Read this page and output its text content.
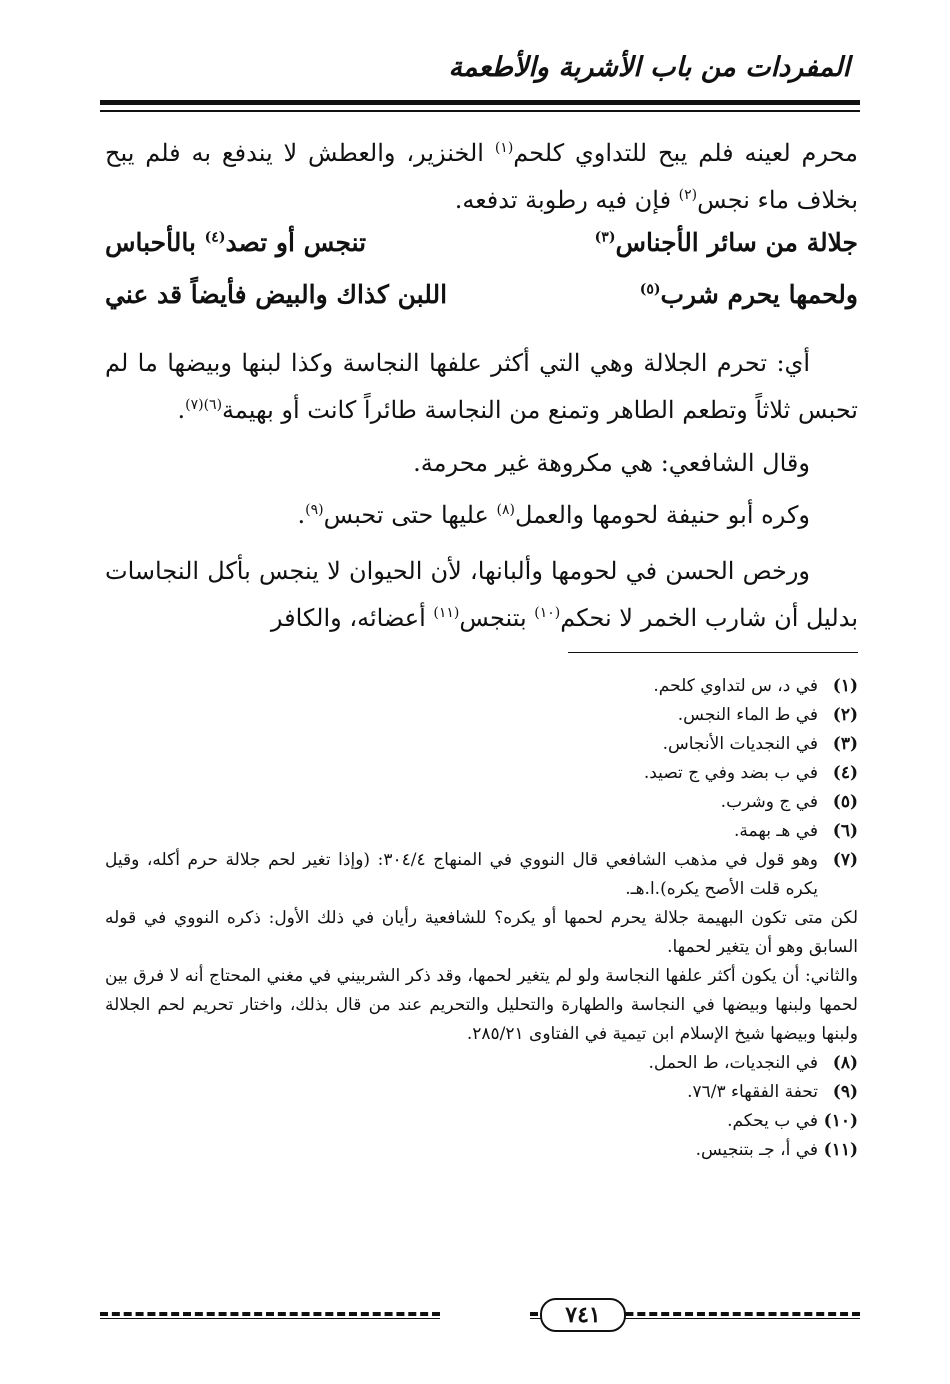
المفردات من باب الأشربة والأطعمة

محرم لعينه فلم يبح للتداوي كلحم$^{(١)}$ الخنزير، والعطش لا يندفع به فلم يبح بخلاف ماء نجس$^{(٢)}$ فإن فيه رطوبة تدفعه.

جلالة من سائر الأجناس$^{(٣)}$
تنجس أو تصد$^{(٤)}$ بالأحباس
ولحمها يحرم شرب$^{(٥)}$
اللبن كذاك والبيض فأيضاً قد عني

أي: تحرم الجلالة وهي التي أكثر علفها النجاسة وكذا لبنها وبيضها ما لم تحبس ثلاثاً وتطعم الطاهر وتمنع من النجاسة طائراً كانت أو بهيمة$^{(٦)(٧)}$.

وقال الشافعي: هي مكروهة غير محرمة.

وكره أبو حنيفة لحومها والعمل$^{(٨)}$ عليها حتى تحبس$^{(٩)}$.

ورخص الحسن في لحومها وألبانها، لأن الحيوان لا ينجس بأكل النجاسات بدليل أن شارب الخمر لا نحكم$^{(١٠)}$ بتنجس$^{(١١)}$ أعضائه، والكافر

(١)
في د، س لتداوي كلحم.
(٢)
في ط الماء النجس.
(٣)
في النجديات الأنجاس.
(٤)
في ب بضد وفي ج تصيد.
(٥)
في ج وشرب.
(٦)
في هـ بهمة.
(٧)
وهو قول في مذهب الشافعي قال النووي في المنهاج ٣٠٤/٤: (وإذا تغير لحم جلالة حرم أكله، وقيل يكره قلت الأصح يكره).ا.هـ.
لكن متى تكون البهيمة جلالة يحرم لحمها أو يكره؟ للشافعية رأيان في ذلك الأول: ذكره النووي في قوله السابق وهو أن يتغير لحمها.
والثاني: أن يكون أكثر علفها النجاسة ولو لم يتغير لحمها، وقد ذكر الشربيني في مغني المحتاج أنه لا فرق بين لحمها ولبنها وبيضها في النجاسة والطهارة والتحليل والتحريم عند من قال بذلك، واختار تحريم لحم الجلالة ولبنها وبيضها شيخ الإسلام ابن تيمية في الفتاوى ٢٨٥/٢١.
(٨)
في النجديات، ط الحمل.
(٩)
تحفة الفقهاء ٧٦/٣.
(١٠)
في ب يحكم.
(١١)
في أ، جـ بتنجيس.
٧٤١
